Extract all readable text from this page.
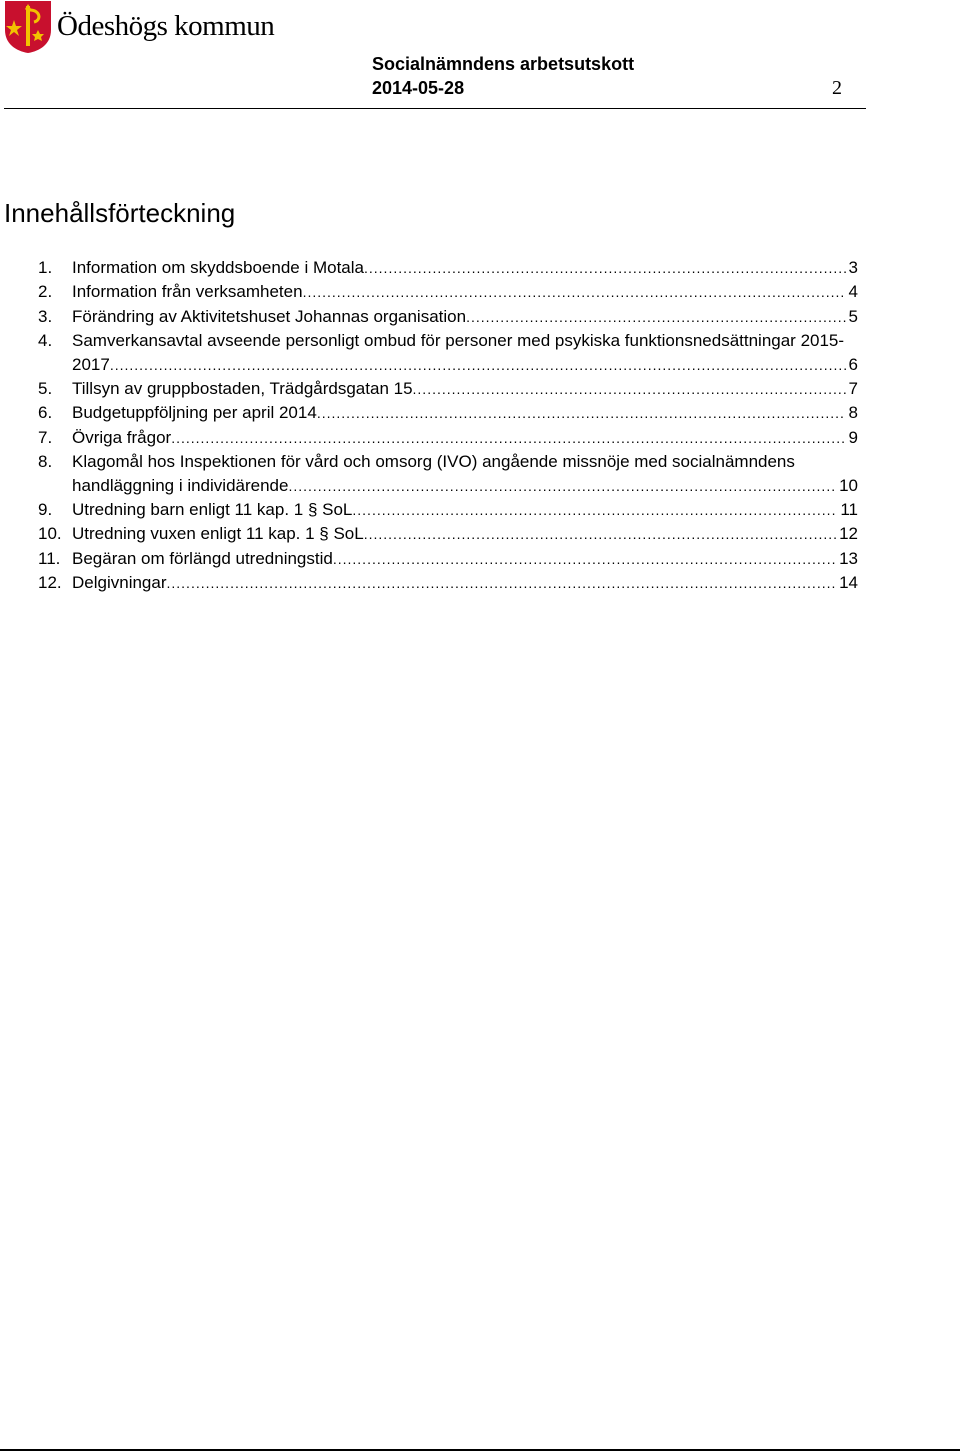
Ödeshögs kommun
Socialnämndens arbetsutskott
2014-05-28	2
Innehållsförteckning
1.	Information om skyddsboende i Motala .....	3
2.	Information från verksamheten .....	4
3.	Förändring av Aktivitetshuset Johannas organisation .....	5
4.	Samverkansavtal avseende personligt ombud för personer med psykiska funktionsnedsättningar 2015-
2017 .....	6
5.	Tillsyn av gruppbostaden, Trädgårdsgatan 15 .....	7
6.	Budgetuppföljning per april 2014 .....	8
7.	Övriga frågor .....	9
8.	Klagomål hos Inspektionen för vård och omsorg (IVO) angående missnöje med socialnämndens
handläggning i individärende .....	10
9.	Utredning barn enligt 11 kap. 1 § SoL .....	11
10. Utredning vuxen enligt 11 kap. 1 § SoL .....	12
11. Begäran om förlängd utredningstid .....	13
12. Delgivningar .....	14
